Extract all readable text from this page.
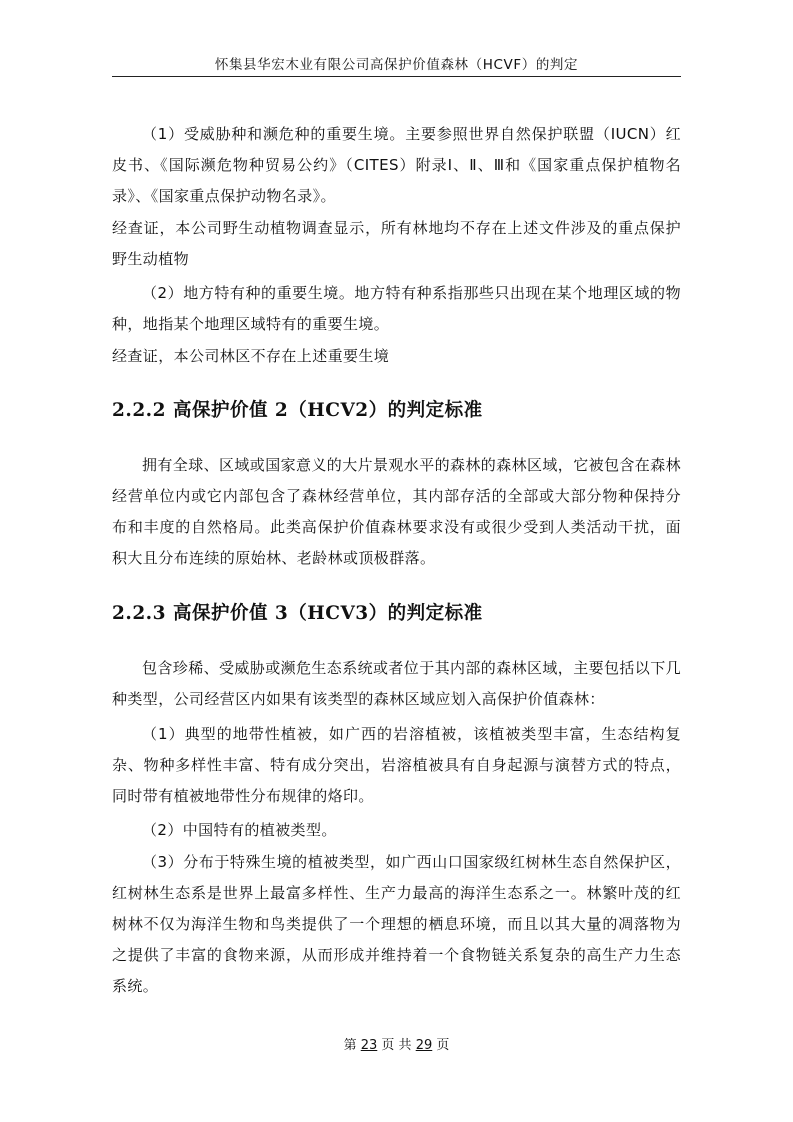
怀集县华宏木业有限公司高保护价值森林（HCVF）的判定

（1）受威胁种和濒危种的重要生境。主要参照世界自然保护联盟（IUCN）红皮书、《国际濒危物种贸易公约》（CITES）附录Ⅰ、Ⅱ、Ⅲ和《国家重点保护植物名录》、《国家重点保护动物名录》。

经查证，本公司野生动植物调查显示，所有林地均不存在上述文件涉及的重点保护野生动植物

（2）地方特有种的重要生境。地方特有种系指那些只出现在某个地理区域的物种，地指某个地理区域特有的重要生境。

经查证，本公司林区不存在上述重要生境

2.2.2 高保护价值 2（HCV2）的判定标准

拥有全球、区域或国家意义的大片景观水平的森林的森林区域，它被包含在森林经营单位内或它内部包含了森林经营单位，其内部存活的全部或大部分物种保持分布和丰度的自然格局。此类高保护价值森林要求没有或很少受到人类活动干扰，面积大且分布连续的原始林、老龄林或顶极群落。

2.2.3 高保护价值 3（HCV3）的判定标准

包含珍稀、受威胁或濒危生态系统或者位于其内部的森林区域，主要包括以下几种类型，公司经营区内如果有该类型的森林区域应划入高保护价值森林：

（1）典型的地带性植被，如广西的岩溶植被，该植被类型丰富，生态结构复杂、物种多样性丰富、特有成分突出，岩溶植被具有自身起源与演替方式的特点，同时带有植被地带性分布规律的烙印。

（2）中国特有的植被类型。

（3）分布于特殊生境的植被类型，如广西山口国家级红树林生态自然保护区，红树林生态系是世界上最富多样性、生产力最高的海洋生态系之一。林繁叶茂的红树林不仅为海洋生物和鸟类提供了一个理想的栖息环境，而且以其大量的凋落物为之提供了丰富的食物来源，从而形成并维持着一个食物链关系复杂的高生产力生态系统。

第 23 页 共 29 页
